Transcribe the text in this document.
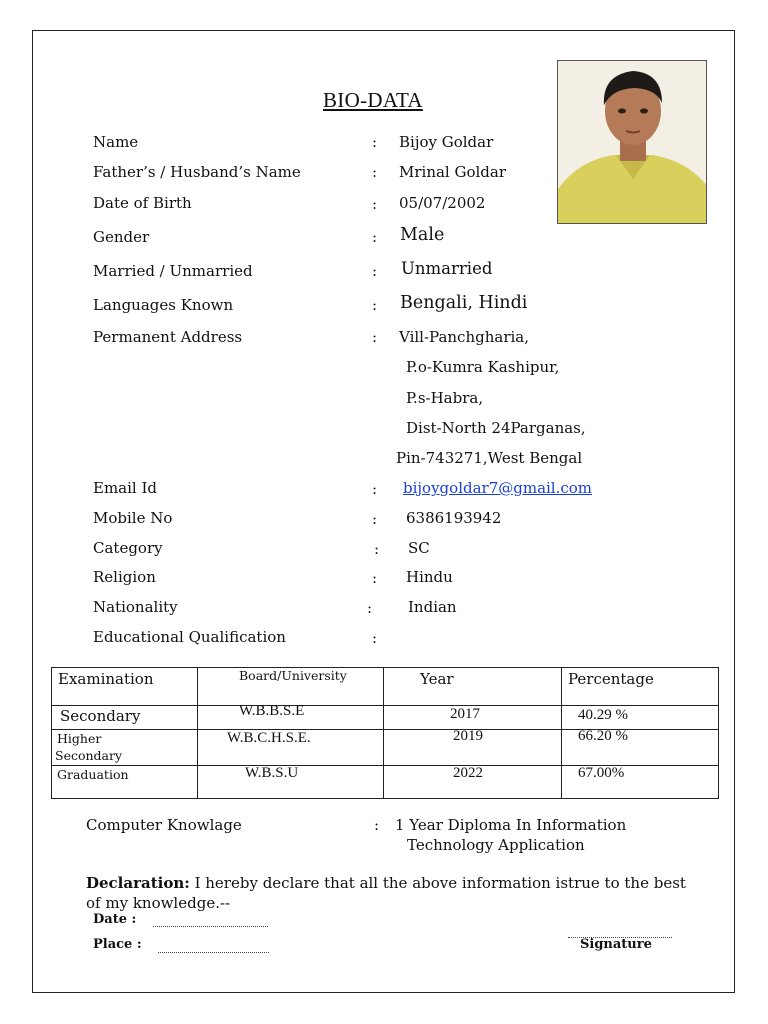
BIO-DATA
Name	: Bijoy Goldar
Father’s / Husband’s Name	: Mrinal Goldar
Date of Birth	: 05/07/2002
Gender	: Male
Married / Unmarried	: Unmarried
Languages Known	: Bengali, Hindi
Permanent Address	: Vill-Panchgharia,
P.o-Kumra Kashipur,
P.s-Habra,
Dist-North 24Parganas,
Pin-743271,West Bengal
Email Id	: bijoygoldar7@gmail.com
Mobile No	: 6386193942
Category	: SC
Religion	: Hindu
Nationality	: Indian
Educational Qualification	:
Examination	Board/University	Year	Percentage

Secondary	W.B.B.S.E	2017	40.29 %

Higher
Secondary	W.B.C.H.S.E.	2019	66.20 %

Graduation	W.B.S.U	2022	67.00%
Computer Knowlage	: 1 Year Diploma In Information
Technology Application
Declaration: I hereby declare that all the above information istrue to the best of my knowledge.--
Date :
Place :	Signature
